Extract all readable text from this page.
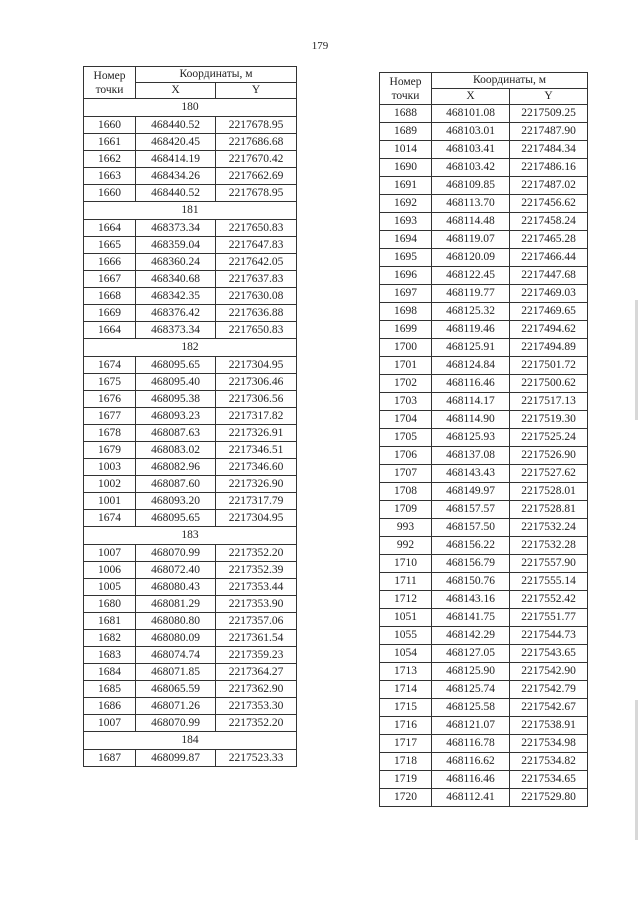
179
Номер точки	Координаты, м	
	X	Y
180		
1660	468440.52	2217678.95
1661	468420.45	2217686.68
1662	468414.19	2217670.42
1663	468434.26	2217662.69
1660	468440.52	2217678.95
181		
1664	468373.34	2217650.83
1665	468359.04	2217647.83
1666	468360.24	2217642.05
1667	468340.68	2217637.83
1668	468342.35	2217630.08
1669	468376.42	2217636.88
1664	468373.34	2217650.83
182		
1674	468095.65	2217304.95
1675	468095.40	2217306.46
1676	468095.38	2217306.56
1677	468093.23	2217317.82
1678	468087.63	2217326.91
1679	468083.02	2217346.51
1003	468082.96	2217346.60
1002	468087.60	2217326.90
1001	468093.20	2217317.79
1674	468095.65	2217304.95
183		
1007	468070.99	2217352.20
1006	468072.40	2217352.39
1005	468080.43	2217353.44
1680	468081.29	2217353.90
1681	468080.80	2217357.06
1682	468080.09	2217361.54
1683	468074.74	2217359.23
1684	468071.85	2217364.27
1685	468065.59	2217362.90
1686	468071.26	2217353.30
1007	468070.99	2217352.20
184		
1687	468099.87	2217523.33
Номер точки	Координаты, м	
	X	Y
1688	468101.08	2217509.25
1689	468103.01	2217487.90
1014	468103.41	2217484.34
1690	468103.42	2217486.16
1691	468109.85	2217487.02
1692	468113.70	2217456.62
1693	468114.48	2217458.24
1694	468119.07	2217465.28
1695	468120.09	2217466.44
1696	468122.45	2217447.68
1697	468119.77	2217469.03
1698	468125.32	2217469.65
1699	468119.46	2217494.62
1700	468125.91	2217494.89
1701	468124.84	2217501.72
1702	468116.46	2217500.62
1703	468114.17	2217517.13
1704	468114.90	2217519.30
1705	468125.93	2217525.24
1706	468137.08	2217526.90
1707	468143.43	2217527.62
1708	468149.97	2217528.01
1709	468157.57	2217528.81
993	468157.50	2217532.24
992	468156.22	2217532.28
1710	468156.79	2217557.90
1711	468150.76	2217555.14
1712	468143.16	2217552.42
1051	468141.75	2217551.77
1055	468142.29	2217544.73
1054	468127.05	2217543.65
1713	468125.90	2217542.90
1714	468125.74	2217542.79
1715	468125.58	2217542.67
1716	468121.07	2217538.91
1717	468116.78	2217534.98
1718	468116.62	2217534.82
1719	468116.46	2217534.65
1720	468112.41	2217529.80
